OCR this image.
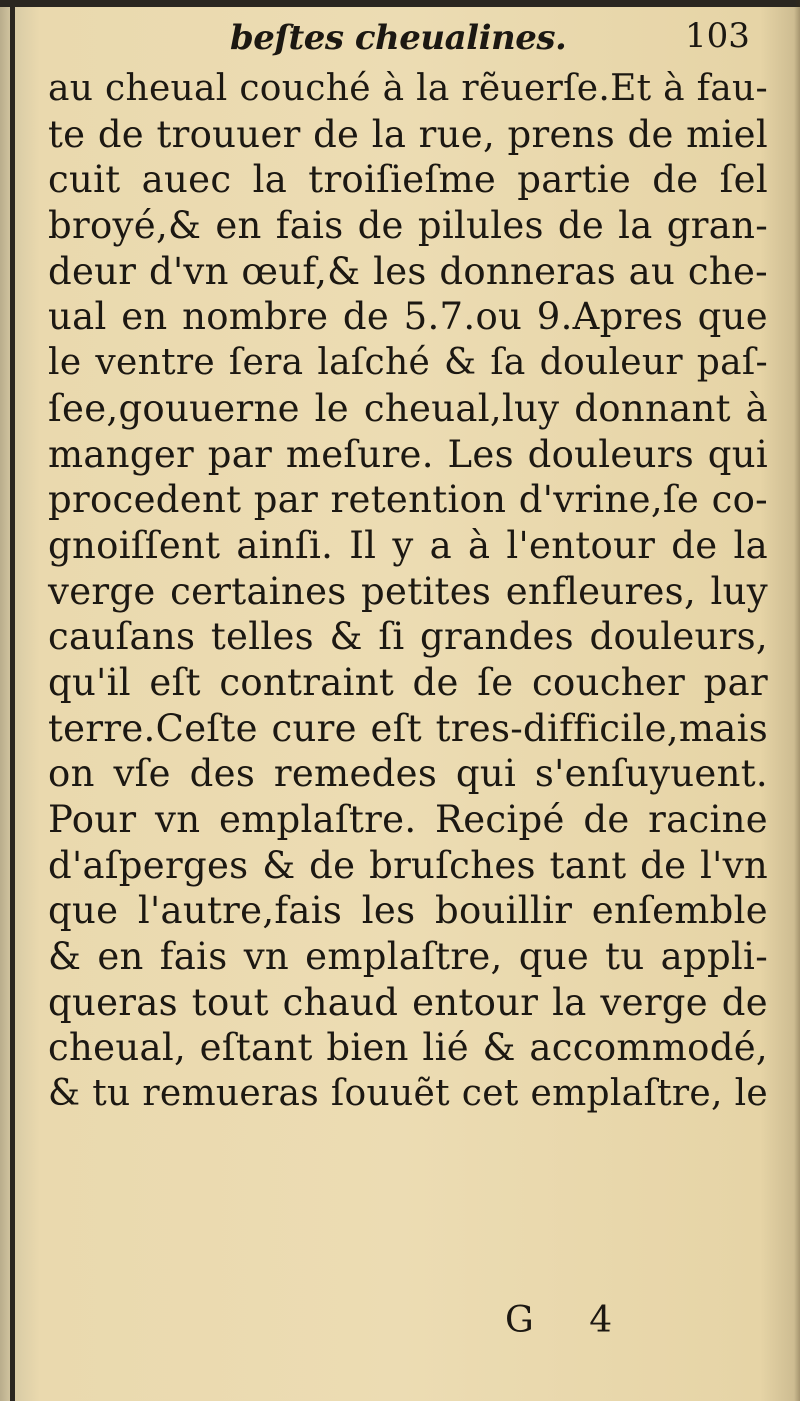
beſtes cheualines.	103
au cheual couché à la rẽuerſe.Et à fau-
te de trouuer de la rue, prens de miel
cuit auec la troiſieſme partie de ſel
broyé,& en fais de pilules de la gran-
deur d'vn œuf,& les donneras au che-
ual en nombre de 5.7.ou 9.Apres que
le ventre ſera laſché & ſa douleur paſ-
ſee,gouuerne le cheual,luy donnant à
manger par meſure. Les douleurs qui
procedent par retention d'vrine,ſe co-
gnoiſſent ainſi. Il y a à l'entour de la
verge certaines petites enfleures, luy
cauſans telles & ſi grandes douleurs,
qu'il eſt contraint de ſe coucher par
terre.Ceſte cure eſt tres-difficile,mais
on vſe des remedes qui s'enſuyuent.
Pour vn emplaſtre. Recipé de racine
d'aſperges & de bruſches tant de l'vn
que l'autre,fais les bouillir enſemble
& en fais vn emplaſtre, que tu appli-
queras tout chaud entour la verge de
cheual, eſtant bien lié & accommodé,
& tu remueras ſouuẽt cet emplaſtre, le
G 4
